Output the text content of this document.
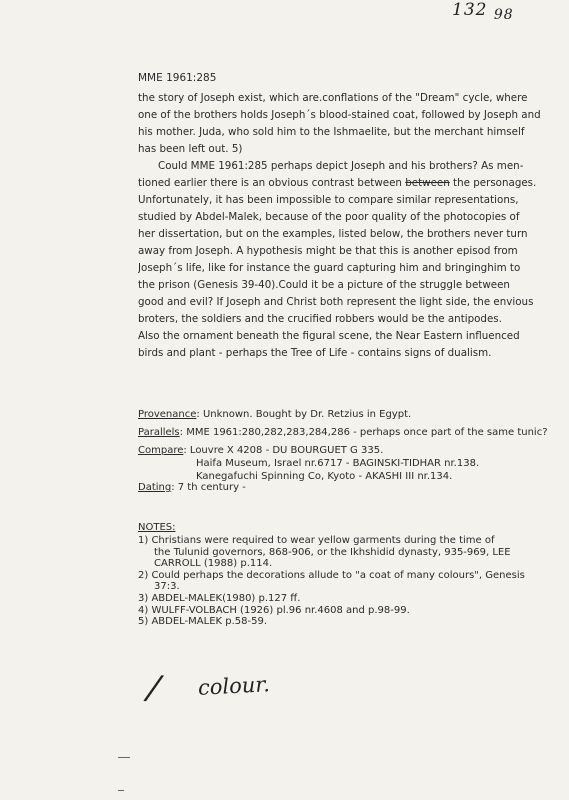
132 $_{98}$
MME 1961:285
the story of Joseph exist, which are.conflations of the "Dream" cycle, where
one of the brothers holds Joseph´s blood-stained coat, followed by Joseph and
his mother. Juda, who sold him to the Ishmaelite, but the merchant himself
has been left out. 5)
Could MME 1961:285 perhaps depict Joseph and his brothers? As men-
tioned earlier there is an obvious contrast between between the personages.
Unfortunately, it has been impossible to compare similar representations,
studied by Abdel-Malek, because of the poor quality of the photocopies of
her dissertation, but on the examples, listed below, the brothers never turn
away from Joseph. A hypothesis might be that this is another episod from
Joseph´s life, like for instance the guard capturing him and bringinghim to
the prison (Genesis 39-40).Could it be a picture of the struggle between
good and evil? If Joseph and Christ both represent the light side, the envious
broters, the soldiers and the crucified robbers would be the antipodes.
Also the ornament beneath the figural scene, the Near Eastern influenced
birds and plant - perhaps the Tree of Life - contains signs of dualism.
Provenance: Unknown. Bought by Dr. Retzius in Egypt.
Parallels: MME 1961:280,282,283,284,286 - perhaps once part of the same tunic?
Compare: Louvre X 4208 - DU BOURGUET G 335.
Haifa Museum, Israel nr.6717 - BAGINSKI-TIDHAR nr.138.
Kanegafuchi Spinning Co, Kyoto - AKASHI III nr.134.
Dating: 7 th century -
NOTES:
1) Christians were required to wear yellow garments during the time of
the Tulunid governors, 868-906, or the Ikhshidid dynasty, 935-969, LEE
CARROLL (1988) p.114.
2) Could perhaps the decorations allude to "a coat of many colours", Genesis
37:3.
3) ABDEL-MALEK(1980) p.127 ff.
4) WULFF-VOLBACH (1926) pl.96 nr.4608 and p.98-99.
5) ABDEL-MALEK p.58-59.
/ colour.
